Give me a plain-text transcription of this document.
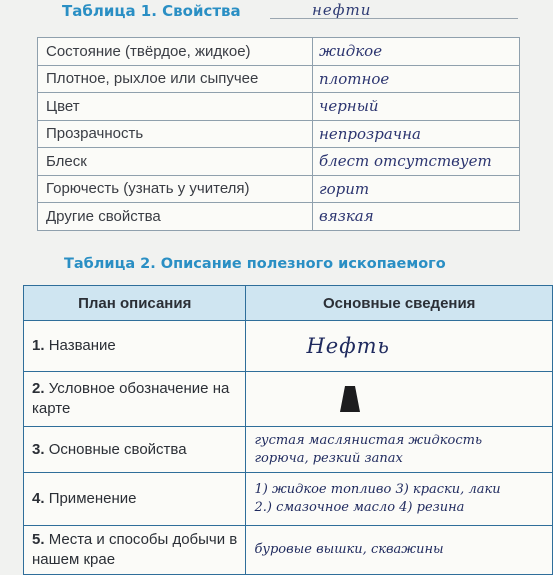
Таблица 1. Свойства	нефти
Состояние (твёрдое, жидкое)	жидкое
Плотное, рыхлое или сыпучее	плотное
Цвет	черный
Прозрачность	непрозрачна
Блеск	блест отсутствует
Горючесть (узнать у учителя)	горит
Другие свойства	вязкая
Таблица 2. Описание полезного ископаемого
План описания	Основные сведения
1. Название	Нефть
2. Условное обозначение на карте	

3. Основные свойства	густая маслянистая жидкость
горюча, резкий запах

4. Применение	1) жидкое топливо 3) краски, лаки
2.) смазочное масло 4) резина

5. Места и способы добычи в нашем крае	буровые вышки, скважины
